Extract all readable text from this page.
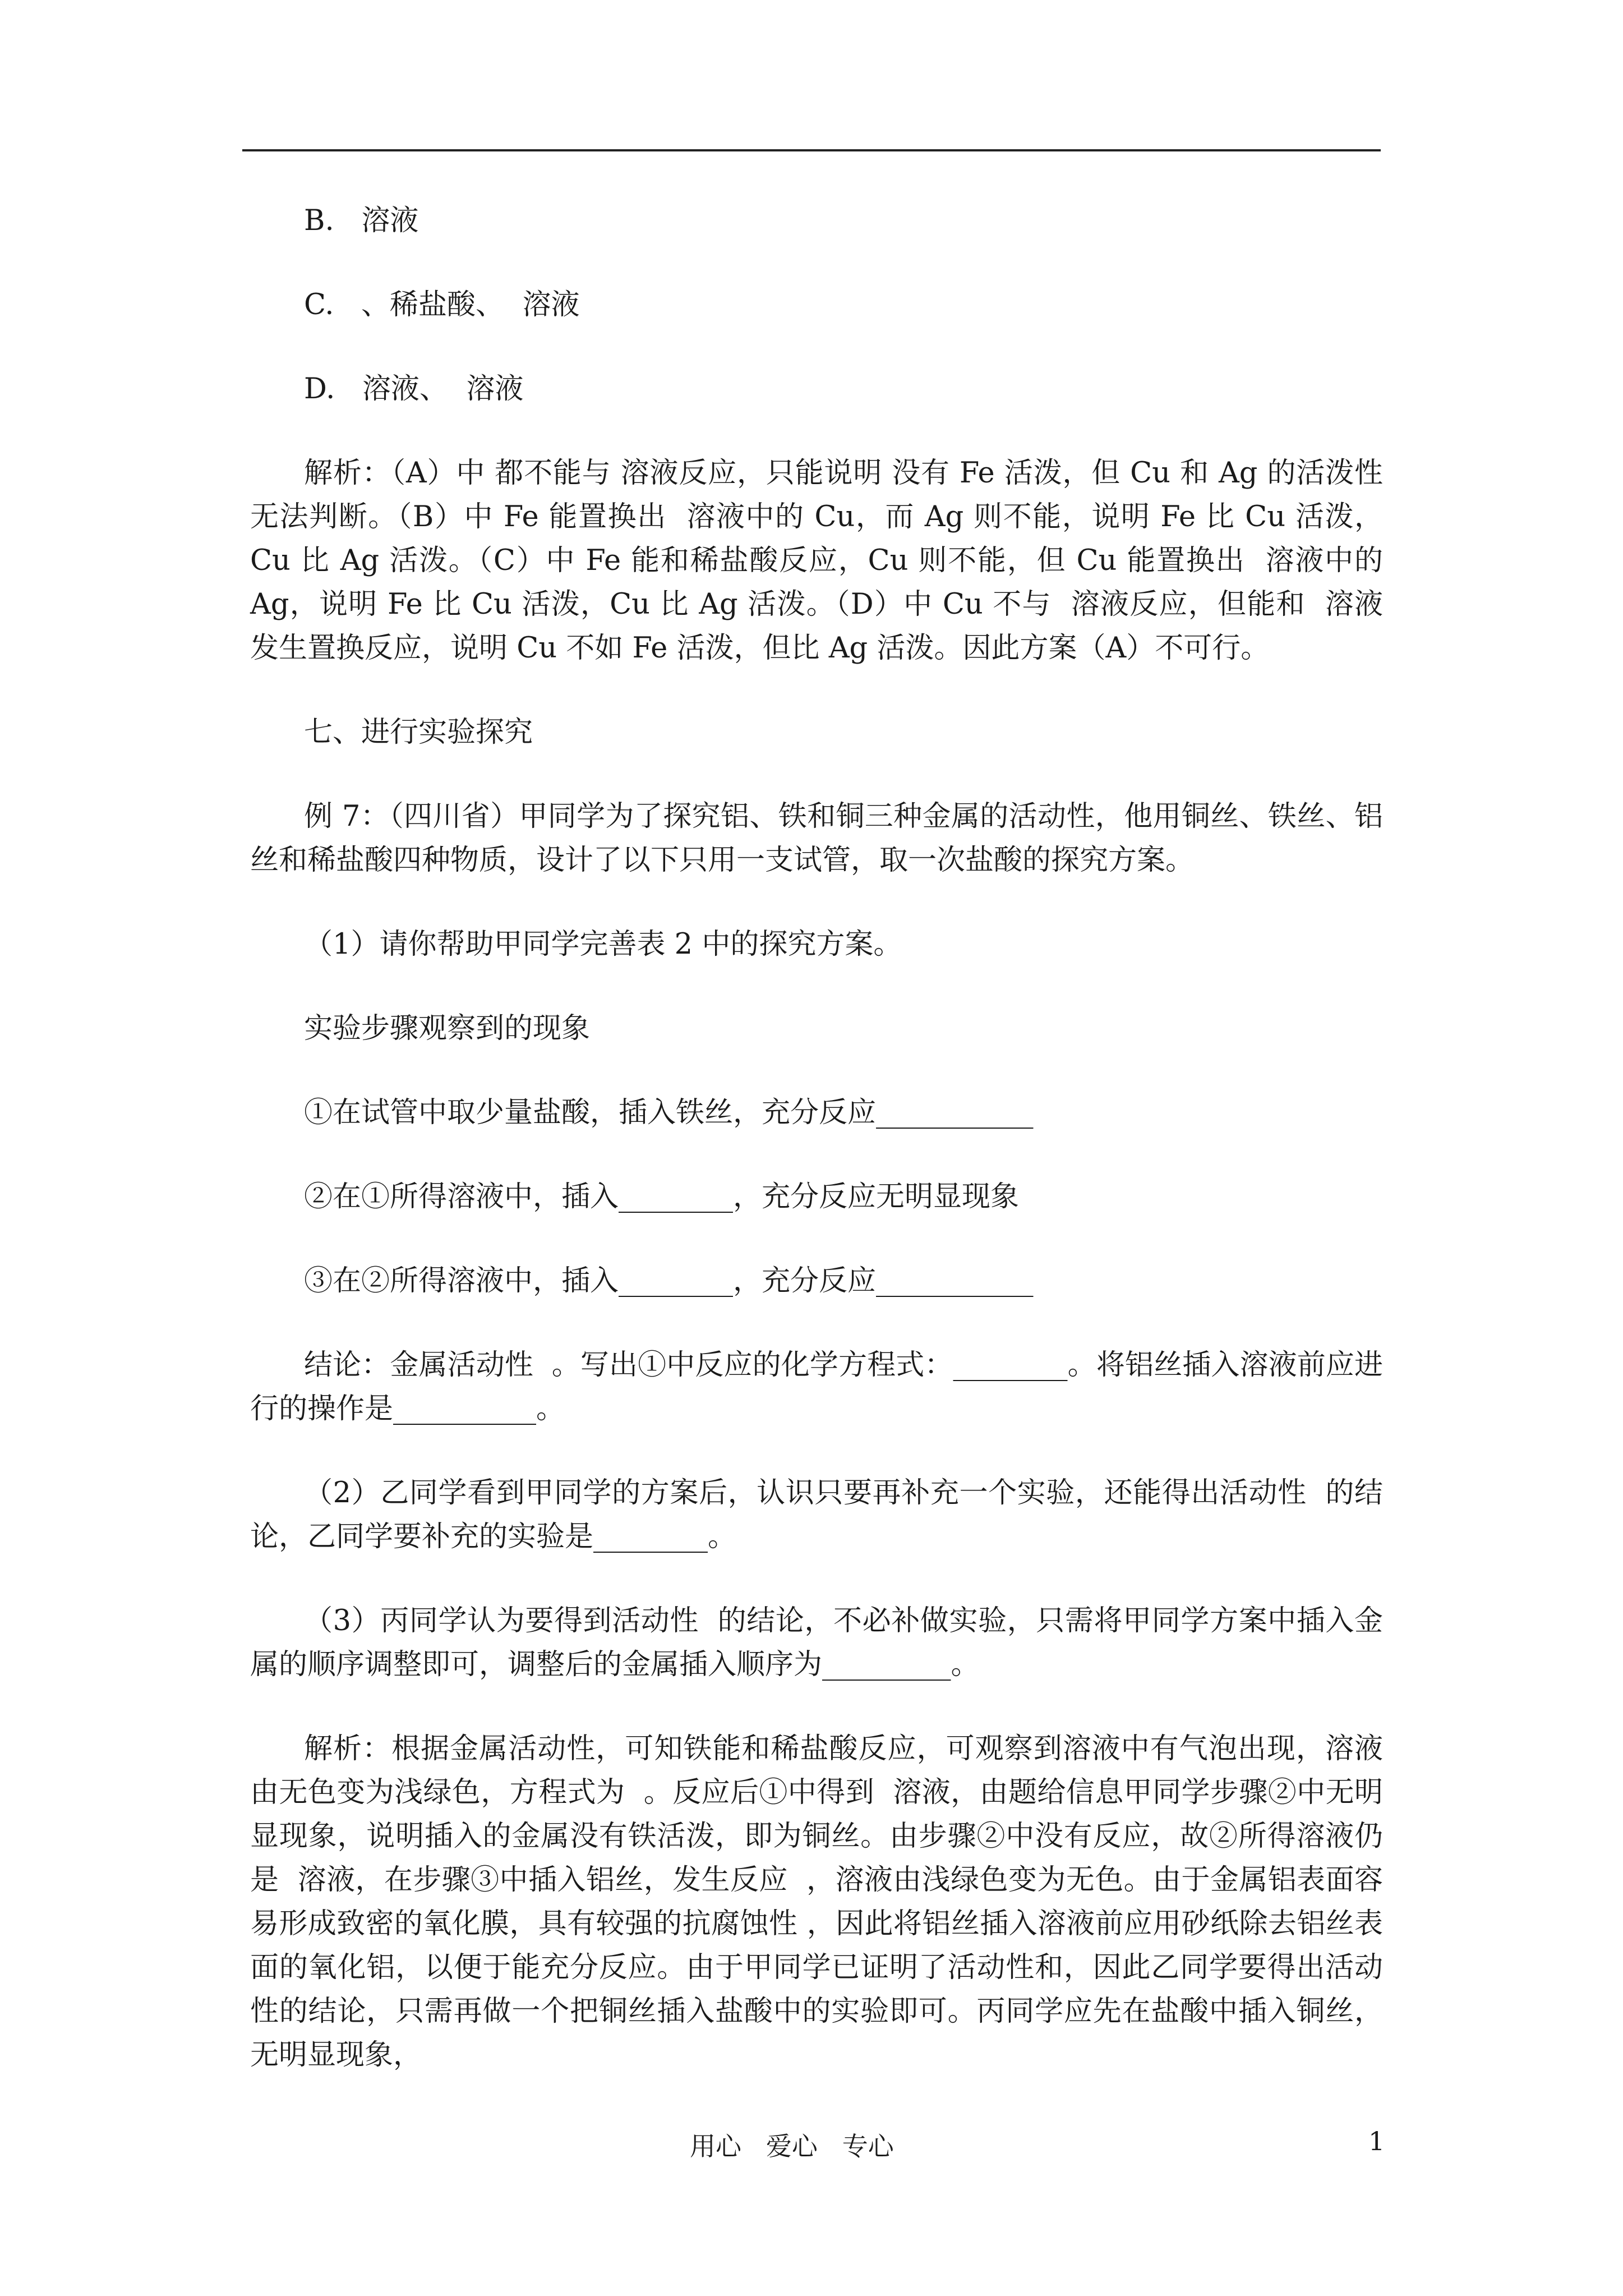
B.   溶液

C.   、稀盐酸、  溶液

D.   溶液、  溶液

解析：（A）中 都不能与 溶液反应，只能说明 没有 Fe 活泼，但 Cu 和 Ag 的活泼性无法判断。（B）中 Fe 能置换出  溶液中的 Cu，而 Ag 则不能，说明 Fe 比 Cu 活泼，Cu 比 Ag 活泼。（C）中 Fe 能和稀盐酸反应，Cu 则不能，但 Cu 能置换出  溶液中的 Ag，说明 Fe 比 Cu 活泼，Cu 比 Ag 活泼。（D）中 Cu 不与  溶液反应，但能和  溶液发生置换反应，说明 Cu 不如 Fe 活泼，但比 Ag 活泼。因此方案（A）不可行。

七、进行实验探究

例 7：（四川省）甲同学为了探究铝、铁和铜三种金属的活动性，他用铜丝、铁丝、铝丝和稀盐酸四种物质，设计了以下只用一支试管，取一次盐酸的探究方案。

（1）请你帮助甲同学完善表 2 中的探究方案。

实验步骤观察到的现象

①在试管中取少量盐酸，插入铁丝，充分反应___________

②在①所得溶液中，插入________，充分反应无明显现象

③在②所得溶液中，插入________，充分反应___________

结论：金属活动性  。写出①中反应的化学方程式：________。将铝丝插入溶液前应进行的操作是__________。

（2）乙同学看到甲同学的方案后，认识只要再补充一个实验，还能得出活动性  的结论，乙同学要补充的实验是________。

（3）丙同学认为要得到活动性  的结论，不必补做实验，只需将甲同学方案中插入金属的顺序调整即可，调整后的金属插入顺序为_________。

解析：根据金属活动性，可知铁能和稀盐酸反应，可观察到溶液中有气泡出现，溶液由无色变为浅绿色，方程式为  。反应后①中得到  溶液，由题给信息甲同学步骤②中无明显现象，说明插入的金属没有铁活泼，即为铜丝。由步骤②中没有反应，故②所得溶液仍是  溶液，在步骤③中插入铝丝，发生反应  ，溶液由浅绿色变为无色。由于金属铝表面容易形成致密的氧化膜，具有较强的抗腐蚀性 ，因此将铝丝插入溶液前应用砂纸除去铝丝表面的氧化铝，以便于能充分反应。由于甲同学已证明了活动性和，因此乙同学要得出活动性的结论，只需再做一个把铜丝插入盐酸中的实验即可。丙同学应先在盐酸中插入铜丝，无明显现象，

用心   爱心   专心	1
